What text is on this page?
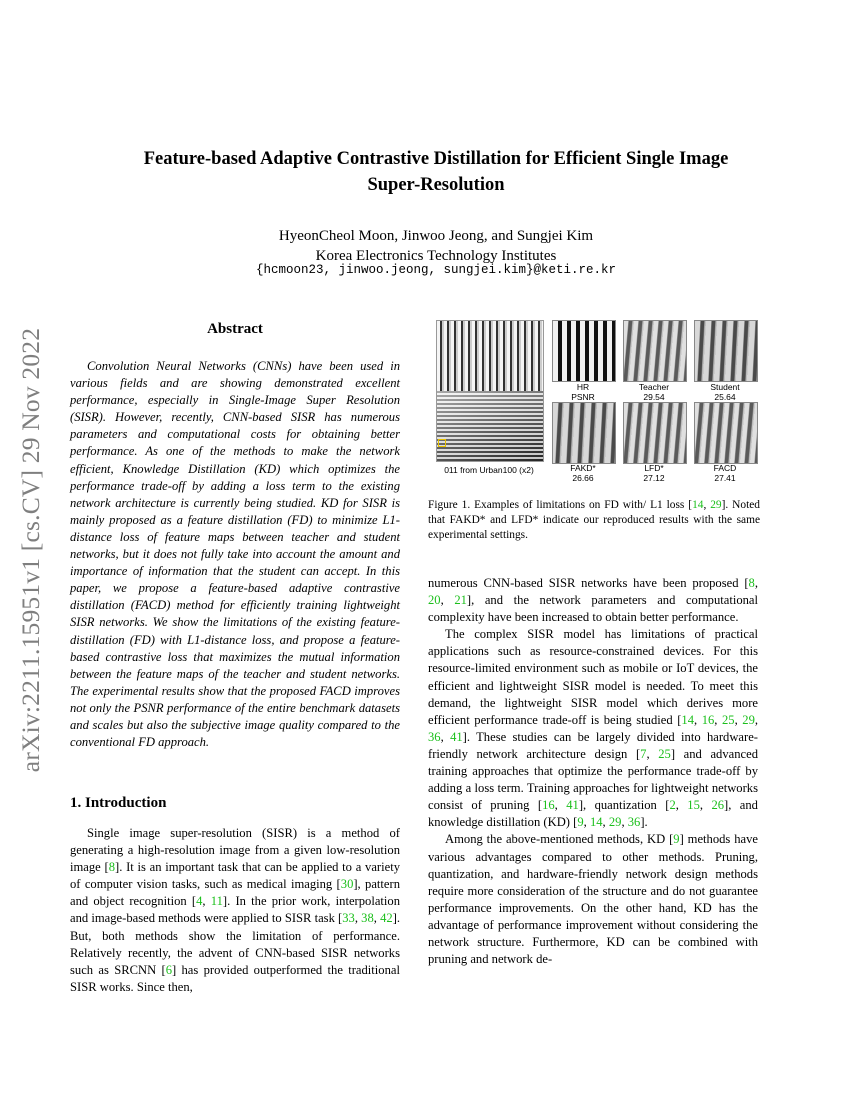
arXiv:2211.15951v1 [cs.CV] 29 Nov 2022
Feature-based Adaptive Contrastive Distillation for Efficient Single Image
Super-Resolution
HyeonCheol Moon, Jinwoo Jeong, and Sungjei Kim
Korea Electronics Technology Institutes
{hcmoon23, jinwoo.jeong, sungjei.kim}@keti.re.kr
Abstract
Convolution Neural Networks (CNNs) have been used in various fields and are showing demonstrated excellent performance, especially in Single-Image Super Resolution (SISR). However, recently, CNN-based SISR has numerous parameters and computational costs for obtaining better performance. As one of the methods to make the network efficient, Knowledge Distillation (KD) which optimizes the performance trade-off by adding a loss term to the existing network architecture is currently being studied. KD for SISR is mainly proposed as a feature distillation (FD) to minimize L1-distance loss of feature maps between teacher and student networks, but it does not fully take into account the amount and importance of information that the student can accept. In this paper, we propose a feature-based adaptive contrastive distillation (FACD) method for efficiently training lightweight SISR networks. We show the limitations of the existing feature-distillation (FD) with L1-distance loss, and propose a feature-based contrastive loss that maximizes the mutual information between the feature maps of the teacher and student networks. The experimental results show that the proposed FACD improves not only the PSNR performance of the entire benchmark datasets and scales but also the subjective image quality compared to the conventional FD approach.
1. Introduction

Single image super-resolution (SISR) is a method of generating a high-resolution image from a given low-resolution image [8]. It is an important task that can be applied to a variety of computer vision tasks, such as medical imaging [30], pattern and object recognition [4, 11]. In the prior work, interpolation and image-based methods were applied to SISR task [33, 38, 42]. But, both methods show the limitation of performance. Relatively recently, the advent of CNN-based SISR networks such as SRCNN [6] has provided outperformed the traditional SISR works. Since then,

011 from Urban100 (x2)
HR
PSNR
Teacher
29.54
Student
25.64
FAKD*
26.66
LFD*
27.12
FACD
27.41
Figure 1. Examples of limitations on FD with/ L1 loss [14, 29]. Noted that FAKD* and LFD* indicate our reproduced results with the same experimental settings.

numerous CNN-based SISR networks have been proposed [8, 20, 21], and the network parameters and computational complexity have been increased to obtain better performance.

The complex SISR model has limitations of practical applications such as resource-constrained devices. For this resource-limited environment such as mobile or IoT devices, the efficient and lightweight SISR model is needed. To meet this demand, the lightweight SISR model which derives more efficient performance trade-off is being studied [14, 16, 25, 29, 36, 41]. These studies can be largely divided into hardware-friendly network architecture design [7, 25] and advanced training approaches that optimize the performance trade-off by adding a loss term. Training approaches for lightweight networks consist of pruning [16, 41], quantization [2, 15, 26], and knowledge distillation (KD) [9, 14, 29, 36].

Among the above-mentioned methods, KD [9] methods have various advantages compared to other methods. Pruning, quantization, and hardware-friendly network design methods require more consideration of the structure and do not guarantee performance improvements. On the other hand, KD has the advantage of performance improvement without considering the network structure. Furthermore, KD can be combined with pruning and network de-
